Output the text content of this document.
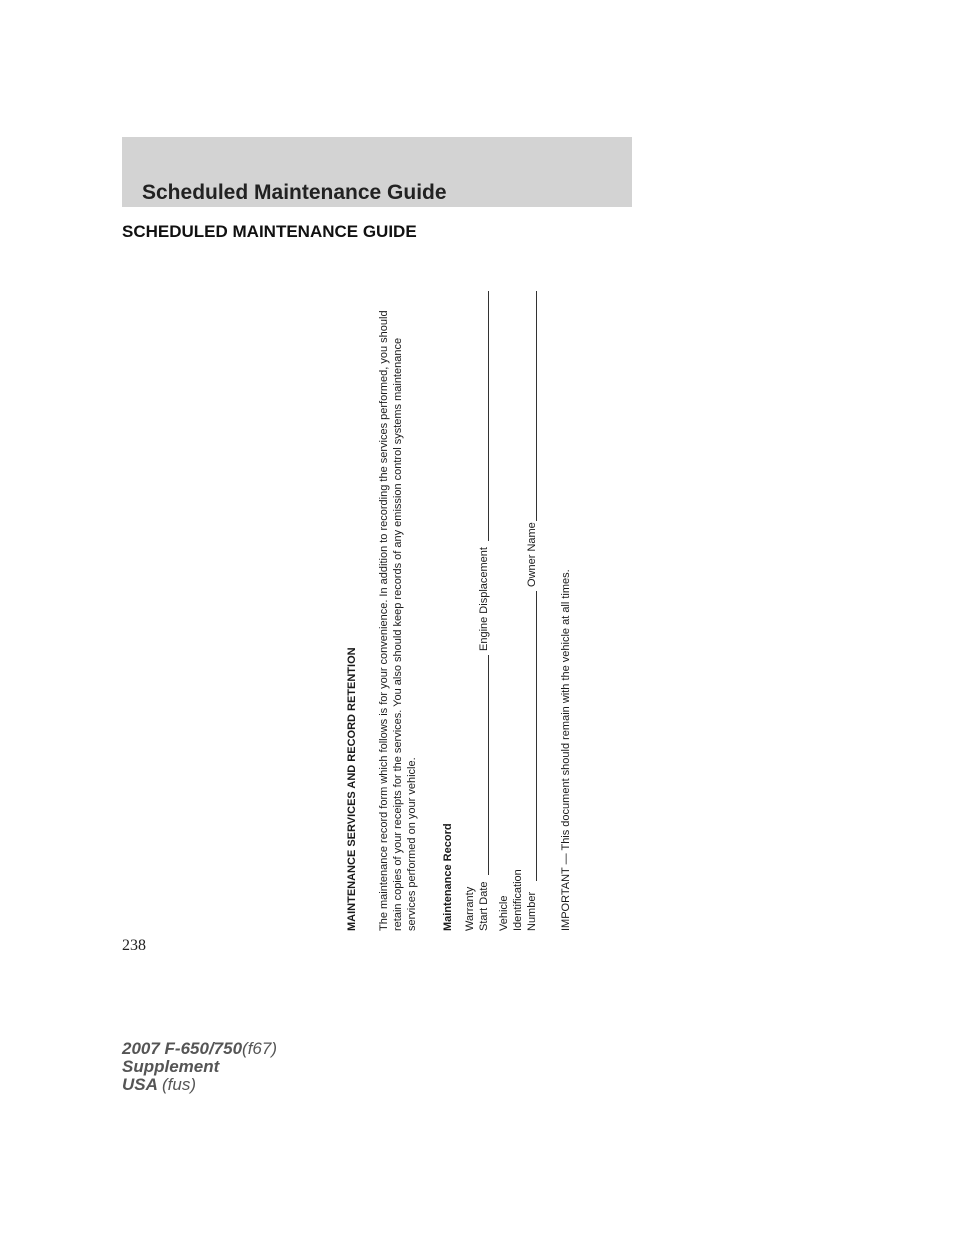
Scheduled Maintenance Guide
SCHEDULED MAINTENANCE GUIDE
MAINTENANCE SERVICES AND RECORD RETENTION The maintenance record form which follows is for your convenience. In addition to recording the services performed, you should retain copies of your receipts for the services. You also should keep records of any emission control systems maintenance services performed on your vehicle. Maintenance Record Warranty Start Date
Engine Displacement
Vehicle Identification Number
Owner Name
IMPORTANT — This document should remain with the vehicle at all times.
238
2007 F-650/750(f67)
Supplement
USA (fus)
